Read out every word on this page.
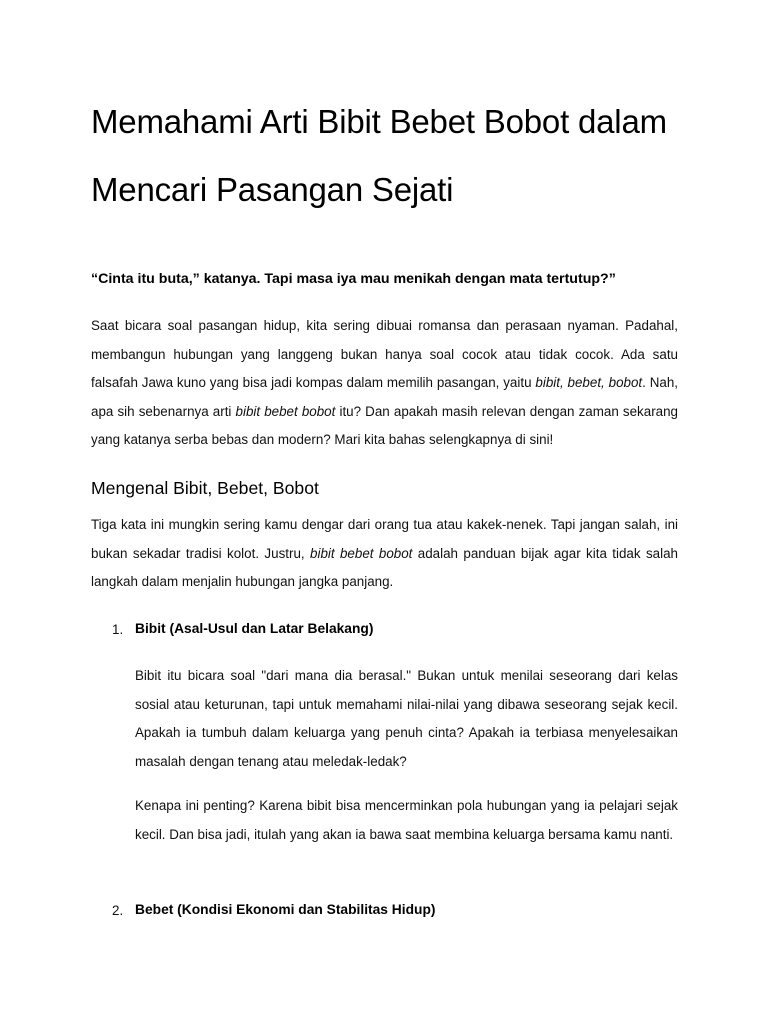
Memahami Arti Bibit Bebet Bobot dalam Mencari Pasangan Sejati

“Cinta itu buta,” katanya. Tapi masa iya mau menikah dengan mata tertutup?”

Saat bicara soal pasangan hidup, kita sering dibuai romansa dan perasaan nyaman. Padahal, membangun hubungan yang langgeng bukan hanya soal cocok atau tidak cocok. Ada satu falsafah Jawa kuno yang bisa jadi kompas dalam memilih pasangan, yaitu bibit, bebet, bobot. Nah, apa sih sebenarnya arti bibit bebet bobot itu? Dan apakah masih relevan dengan zaman sekarang yang katanya serba bebas dan modern? Mari kita bahas selengkapnya di sini!

Mengenal Bibit, Bebet, Bobot

Tiga kata ini mungkin sering kamu dengar dari orang tua atau kakek-nenek. Tapi jangan salah, ini bukan sekadar tradisi kolot. Justru, bibit bebet bobot adalah panduan bijak agar kita tidak salah langkah dalam menjalin hubungan jangka panjang.

1. Bibit (Asal-Usul dan Latar Belakang)

Bibit itu bicara soal "dari mana dia berasal." Bukan untuk menilai seseorang dari kelas sosial atau keturunan, tapi untuk memahami nilai-nilai yang dibawa seseorang sejak kecil. Apakah ia tumbuh dalam keluarga yang penuh cinta? Apakah ia terbiasa menyelesaikan masalah dengan tenang atau meledak-ledak?

Kenapa ini penting? Karena bibit bisa mencerminkan pola hubungan yang ia pelajari sejak kecil. Dan bisa jadi, itulah yang akan ia bawa saat membina keluarga bersama kamu nanti.

2. Bebet (Kondisi Ekonomi dan Stabilitas Hidup)
